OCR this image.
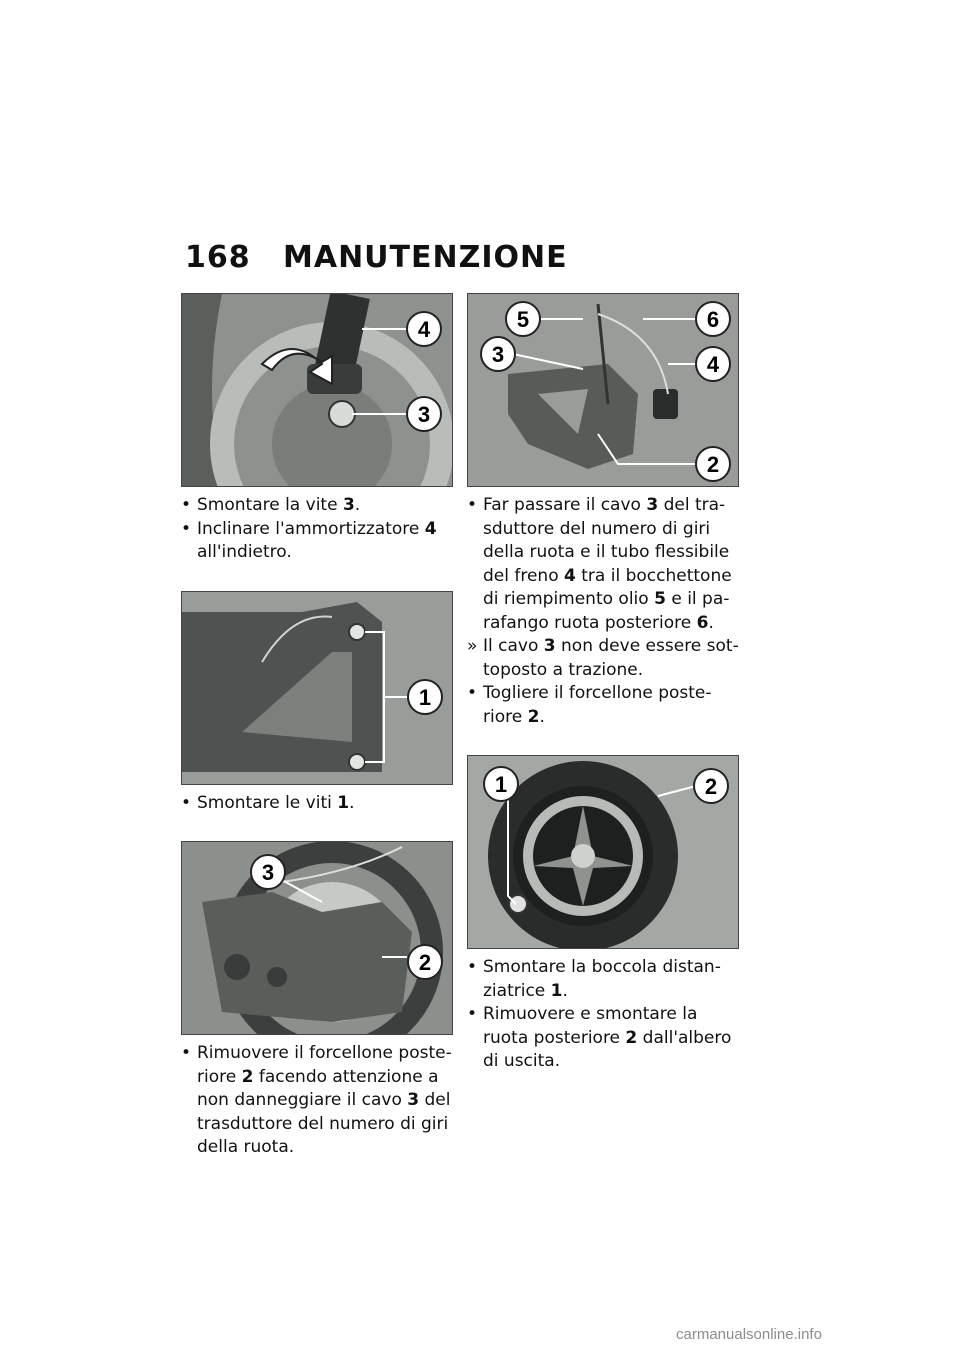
168 MANUTENZIONE
4
3
• Smontare la vite 3.
• Inclinare l'ammortizzatore 4 all'indietro.
1
• Smontare le viti 1.
3
2
• Rimuovere il forcellone poste-riore 2 facendo attenzione a non danneggiare il cavo 3 del trasduttore del numero di giri della ruota.
5	6
3	4
2
• Far passare il cavo 3 del tra-sduttore del numero di giri della ruota e il tubo flessibile del freno 4 tra il bocchettone di riempimento olio 5 e il pa-rafango ruota posteriore 6.
» Il cavo 3 non deve essere sot-toposto a trazione.
• Togliere il forcellone poste-riore 2.
1	2
• Smontare la boccola distan-ziatrice 1.
• Rimuovere e smontare la ruota posteriore 2 dall'albero di uscita.
carmanualsonline.info
